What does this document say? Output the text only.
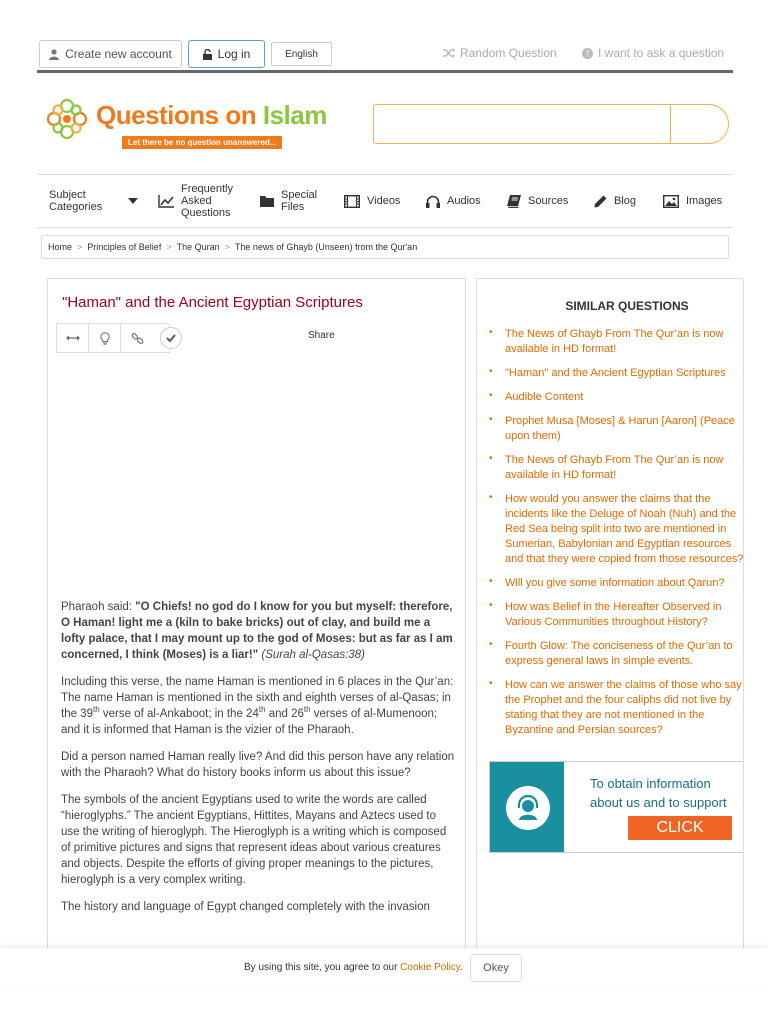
Create new account	Log in	English	Random Question	? I want to ask a question
Questions on Islam
Let there be no question unanswered...
Subject Categories
Frequently Asked Questions
Special Files	Videos	Audios	Sources	Blog	Images
Home > Principles of Belief > The Quran > The news of Ghayb (Unseen) from the Qur'an
"Haman" and the Ancient Egyptian Scriptures
Share

Pharaoh said: "O Chiefs! no god do I know for you but myself: therefore, O Haman! light me a (kiln to bake bricks) out of clay, and build me a lofty palace, that I may mount up to the god of Moses: but as far as I am concerned, I think (Moses) is a liar!" (Surah al-Qasas:38)

Including this verse, the name Haman is mentioned in 6 places in the Qur’an: The name Haman is mentioned in the sixth and eighth verses of al-Qasas; in the 39th verse of al-Ankaboot; in the 24th and 26th verses of al-Mumenoon; and it is informed that Haman is the vizier of the Pharaoh.

Did a person named Haman really live? And did this person have any relation with the Pharaoh? What do history books inform us about this issue?

The symbols of the ancient Egyptians used to write the words are called “hieroglyphs.” The ancient Egyptians, Hittites, Mayans and Aztecs used to use the writing of hieroglyph. The Hieroglyph is a writing which is composed of primitive pictures and signs that represent ideas about various creatures and objects. Despite the efforts of giving proper meanings to the pictures, hieroglyph is a very complex writing.

The history and language of Egypt changed completely with the invasion

SIMILAR QUESTIONS
• The News of Ghayb From The Qur’an is now available in HD format!
• "Haman" and the Ancient Egyptian Scriptures
• Audible Content
• Prophet Musa [Moses] & Harun [Aaron] (Peace upon them)
• The News of Ghayb From The Qur’an is now available in HD format!
• How would you answer the claims that the incidents like the Deluge of Noah (Nuh) and the Red Sea being split into two are mentioned in Sumerian, Babylonian and Egyptian resources and that they were copied from those resources?
• Will you give some information about Qarun?
• How was Belief in the Hereafter Observed in Various Communities throughout History?
• Fourth Glow: The conciseness of the Qur’an to express general laws in simple events.
• How can we answer the claims of those who say the Prophet and the four caliphs did not live by stating that they are not mentioned in the Byzantine and Persian sources?
To obtain information
about us and to support
CLICK
By using this site, you agree to our Cookie Policy.	Okey
